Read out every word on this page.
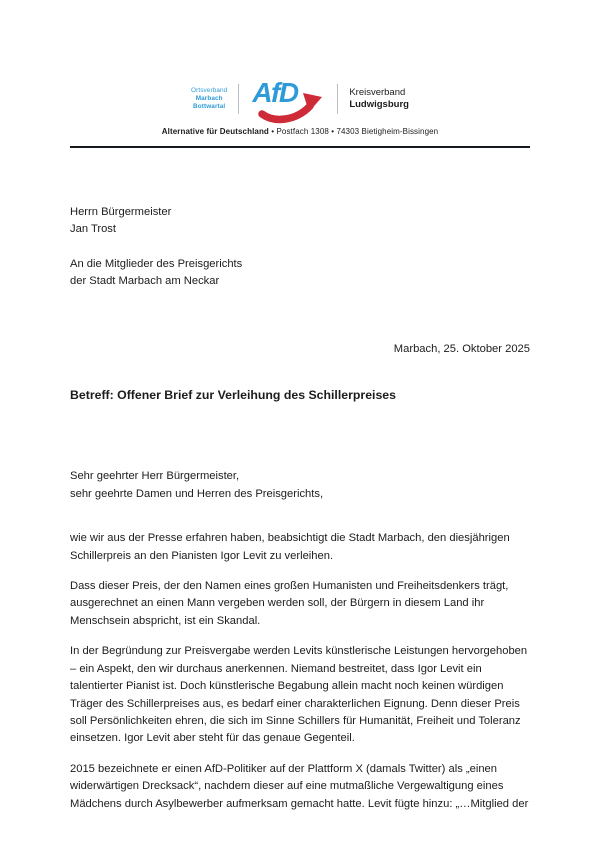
Ortsverband
Marbach
Bottwartal AfD	Kreisverband
Ludwigsburg
Alternative für Deutschland • Postfach 1308 • 74303 Bietigheim-Bissingen
Herrn Bürgermeister
Jan Trost
An die Mitglieder des Preisgerichts
der Stadt Marbach am Neckar
Marbach, 25. Oktober 2025
Betreff: Offener Brief zur Verleihung des Schillerpreises
Sehr geehrter Herr Bürgermeister,
sehr geehrte Damen und Herren des Preisgerichts,

wie wir aus der Presse erfahren haben, beabsichtigt die Stadt Marbach, den diesjährigen Schillerpreis an den Pianisten Igor Levit zu verleihen.

Dass dieser Preis, der den Namen eines großen Humanisten und Freiheitsdenkers trägt, ausgerechnet an einen Mann vergeben werden soll, der Bürgern in diesem Land ihr Menschsein abspricht, ist ein Skandal.

In der Begründung zur Preisvergabe werden Levits künstlerische Leistungen hervorgehoben – ein Aspekt, den wir durchaus anerkennen. Niemand bestreitet, dass Igor Levit ein talentierter Pianist ist. Doch künstlerische Begabung allein macht noch keinen würdigen Träger des Schillerpreises aus, es bedarf einer charakterlichen Eignung. Denn dieser Preis soll Persönlichkeiten ehren, die sich im Sinne Schillers für Humanität, Freiheit und Toleranz einsetzen. Igor Levit aber steht für das genaue Gegenteil.

2015 bezeichnete er einen AfD-Politiker auf der Plattform X (damals Twitter) als „einen widerwärtigen Drecksack“, nachdem dieser auf eine mutmaßliche Vergewaltigung eines Mädchens durch Asylbewerber aufmerksam gemacht hatte. Levit fügte hinzu: „…Mitglied der
